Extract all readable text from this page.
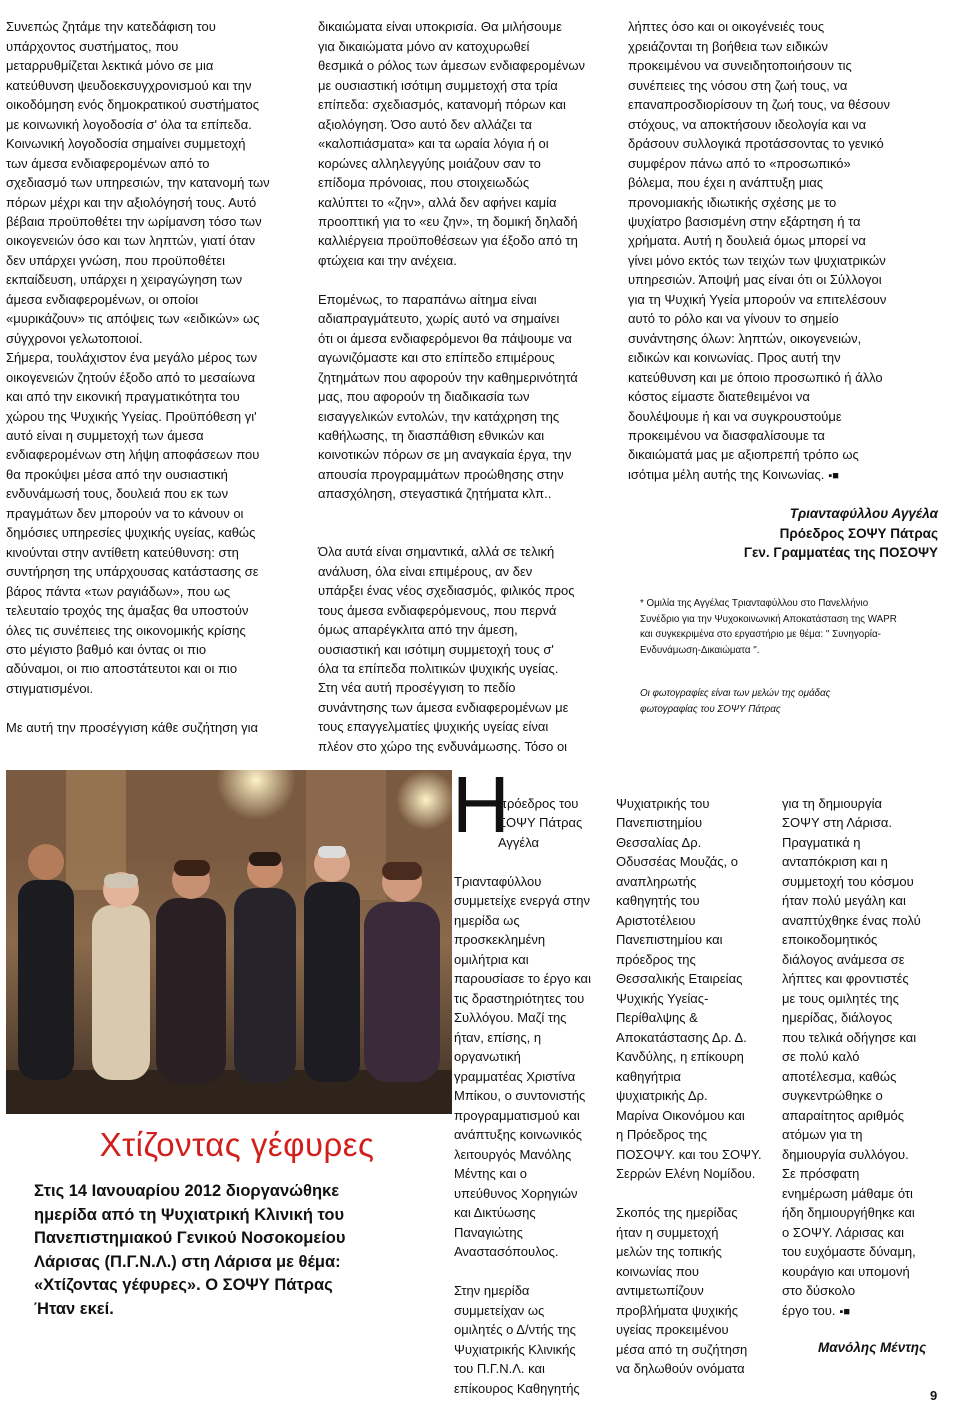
Συνεπώς ζητάμε την κατεδάφιση του
υπάρχοντος συστήματος, που
μεταρρυθμίζεται λεκτικά μόνο σε μια
κατεύθυνση ψευδοεκσυγχρονισμού και την
οικοδόμηση ενός δημοκρατικού συστήματος
με κοινωνική λογοδοσία σ' όλα τα επίπεδα.
Κοινωνική λογοδοσία σημαίνει συμμετοχή
των άμεσα ενδιαφερομένων από το
σχεδιασμό των υπηρεσιών, την κατανομή των
πόρων μέχρι και την αξιολόγησή τους. Αυτό
βέβαια προϋποθέτει την ωρίμανση τόσο των
οικογενειών όσο και των ληπτών, γιατί όταν
δεν υπάρχει γνώση, που προϋποθέτει
εκπαίδευση, υπάρχει η χειραγώγηση των
άμεσα ενδιαφερομένων, οι οποίοι
«μυρικάζουν» τις απόψεις των «ειδικών» ως
σύγχρονοι γελωτοποιοί.
Σήμερα, τουλάχιστον ένα μεγάλο μέρος των
οικογενειών ζητούν έξοδο από το μεσαίωνα
και από την εικονική πραγματικότητα του
χώρου της Ψυχικής Υγείας. Προϋπόθεση γι'
αυτό είναι η συμμετοχή των άμεσα
ενδιαφερομένων στη λήψη αποφάσεων που
θα προκύψει μέσα από την ουσιαστική
ενδυνάμωσή τους, δουλειά που εκ των
πραγμάτων δεν μπορούν να το κάνουν οι
δημόσιες υπηρεσίες ψυχικής υγείας, καθώς
κινούνται στην αντίθετη κατεύθυνση: στη
συντήρηση της υπάρχουσας κατάστασης σε
βάρος πάντα «των ραγιάδων», που ως
τελευταίο τροχός της άμαξας θα υποστούν
όλες τις συνέπειες της οικονομικής κρίσης
στο μέγιστο βαθμό και όντας οι πιο
αδύναμοι, οι πιο αποστάτευτοι και οι πιο
στιγματισμένοι.

Με αυτή την προσέγγιση κάθε συζήτηση για

δικαιώματα είναι υποκρισία. Θα μιλήσουμε
για δικαιώματα μόνο αν κατοχυρωθεί
θεσμικά ο ρόλος των άμεσων ενδιαφερομένων
με ουσιαστική ισότιμη συμμετοχή στα τρία
επίπεδα: σχεδιασμός, κατανομή πόρων και
αξιολόγηση. Όσο αυτό δεν αλλάζει τα
«καλοπιάσματα» και τα ωραία λόγια ή οι
κορώνες αλληλεγγύης μοιάζουν σαν το
επίδομα πρόνοιας, που στοιχειωδώς
καλύπτει το «ζην», αλλά δεν αφήνει καμία
προοπτική για το «ευ ζην», τη δομική δηλαδή
καλλιέργεια προϋποθέσεων για έξοδο από τη
φτώχεια και την ανέχεια.

Επομένως, το παραπάνω αίτημα είναι
αδιαπραγμάτευτο, χωρίς αυτό να σημαίνει
ότι οι άμεσα ενδιαφερόμενοι θα πάψουμε να
αγωνιζόμαστε και στο επίπεδο επιμέρους
ζητημάτων που αφορούν την καθημερινότητά
μας, που αφορούν τη διαδικασία των
εισαγγελικών εντολών, την κατάχρηση της
καθήλωσης, τη διασπάθιση εθνικών και
κοινοτικών πόρων σε μη αναγκαία έργα, την
απουσία προγραμμάτων προώθησης στην
απασχόληση, στεγαστικά ζητήματα κλπ..

Όλα αυτά είναι σημαντικά, αλλά σε τελική
ανάλυση, όλα είναι επιμέρους, αν δεν
υπάρξει ένας νέος σχεδιασμός, φιλικός προς
τους άμεσα ενδιαφερόμενους, που περνά
όμως απαρέγκλιτα από την άμεση,
ουσιαστική και ισότιμη συμμετοχή τους σ'
όλα τα επίπεδα πολιτικών ψυχικής υγείας.
Στη νέα αυτή προσέγγιση το πεδίο
συνάντησης των άμεσα ενδιαφερομένων με
τους επαγγελματίες ψυχικής υγείας είναι
πλέον στο χώρο της ενδυνάμωσης. Τόσο οι

λήπτες όσο και οι οικογένειές τους
χρειάζονται τη βοήθεια των ειδικών
προκειμένου να συνειδητοποιήσουν τις
συνέπειες της νόσου στη ζωή τους, να
επαναπροσδιορίσουν τη ζωή τους, να θέσουν
στόχους, να αποκτήσουν ιδεολογία και να
δράσουν συλλογικά προτάσσοντας το γενικό
συμφέρον πάνω από το «προσωπικό»
βόλεμα, που έχει η ανάπτυξη μιας
προνομιακής ιδιωτικής σχέσης με το
ψυχίατρο βασισμένη στην εξάρτηση ή τα
χρήματα. Αυτή η δουλειά όμως μπορεί να
γίνει μόνο εκτός των τειχών των ψυχιατρικών
υπηρεσιών. Άποψή μας είναι ότι οι Σύλλογοι
για τη Ψυχική Υγεία μπορούν να επιτελέσουν
αυτό το ρόλο και να γίνουν το σημείο
συνάντησης όλων: ληπτών, οικογενειών,
ειδικών και κοινωνίας. Προς αυτή την
κατεύθυνση και με όποιο προσωπικό ή άλλο
κόστος είμαστε διατεθειμένοι να
δουλέψουμε ή και να συγκρουστούμε
προκειμένου να διασφαλίσουμε τα
δικαιώματά μας με αξιοπρεπή τρόπο ως
ισότιμα μέλη αυτής της Κοινωνίας. ▪■

Τριανταφύλλου Αγγέλα
Πρόεδρος ΣΟΨΥ Πάτρας
Γεν. Γραμματέας της ΠΟΣΟΨΥ
* Ομιλία της Αγγέλας Τριανταφύλλου στο Πανελλήνιο
Συνέδριο για την Ψυχοκοινωνική Αποκατάσταση της WAPR
και συγκεκριμένα στο εργαστήριο με θέμα: " Συνηγορία-
Ενδυνάμωση-Δικαιώματα ".
Οι φωτογραφίες είναι των μελών της ομάδας
φωτογραφίας του ΣΟΨΥ Πάτρας
Χτίζοντας γέφυρες
Στις 14 Ιανουαρίου 2012 διοργανώθηκε
ημερίδα από τη Ψυχιατρική Κλινική του
Πανεπιστημιακού Γενικού Νοσοκομείου
Λάρισας (Π.Γ.Ν.Λ.) στη Λάρισα με θέμα:
«Χτίζοντας γέφυρες». Ο ΣΟΨΥ Πάτρας
Ήταν εκεί.
Η

πρόεδρος του
ΣΟΨΥ Πάτρας
Αγγέλα

Τριανταφύλλου
συμμετείχε ενεργά στην
ημερίδα ως
προσκεκλημένη
ομιλήτρια και
παρουσίασε το έργο και
τις δραστηριότητες του
Συλλόγου. Μαζί της
ήταν, επίσης, η
οργανωτική
γραμματέας Χριστίνα
Μπίκου, ο συντονιστής
προγραμματισμού και
ανάπτυξης κοινωνικός
λειτουργός Μανόλης
Μέντης και ο
υπεύθυνος Χορηγιών
και Δικτύωσης
Παναγιώτης
Αναστασόπουλος.

Στην ημερίδα
συμμετείχαν ως
ομιλητές ο Δ/ντής της
Ψυχιατρικής Κλινικής
του Π.Γ.Ν.Λ. και
επίκουρος Καθηγητής

Ψυχιατρικής του
Πανεπιστημίου
Θεσσαλίας Δρ.
Οδυσσέας Μουζάς, ο
αναπληρωτής
καθηγητής του
Αριστοτέλειου
Πανεπιστημίου και
πρόεδρος της
Θεσσαλικής Εταιρείας
Ψυχικής Υγείας-
Περίθαλψης &
Αποκατάστασης Δρ. Δ.
Κανδύλης, η επίκουρη
καθηγήτρια
ψυχιατρικής Δρ.
Μαρίνα Οικονόμου και
η Πρόεδρος της
ΠΟΣΟΨΥ. και του ΣΟΨΥ.
Σερρών Ελένη Νομίδου.

Σκοπός της ημερίδας
ήταν η συμμετοχή
μελών της τοπικής
κοινωνίας που
αντιμετωπίζουν
προβλήματα ψυχικής
υγείας προκειμένου
μέσα από τη συζήτηση
να δηλωθούν ονόματα

για τη δημιουργία
ΣΟΨΥ στη Λάρισα.
Πραγματικά η
ανταπόκριση και η
συμμετοχή του κόσμου
ήταν πολύ μεγάλη και
αναπτύχθηκε ένας πολύ
εποικοδομητικός
διάλογος ανάμεσα σε
λήπτες και φροντιστές
με τους ομιλητές της
ημερίδας, διάλογος
που τελικά οδήγησε και
σε πολύ καλό
αποτέλεσμα, καθώς
συγκεντρώθηκε ο
απαραίτητος αριθμός
ατόμων για τη
δημιουργία συλλόγου.
Σε πρόσφατη
ενημέρωση μάθαμε ότι
ήδη δημιουργήθηκε και
ο ΣΟΨΥ. Λάρισας και
του ευχόμαστε δύναμη,
κουράγιο και υπομονή
στο δύσκολο
έργο του. ▪■

Μανόλης Μέντης
9
